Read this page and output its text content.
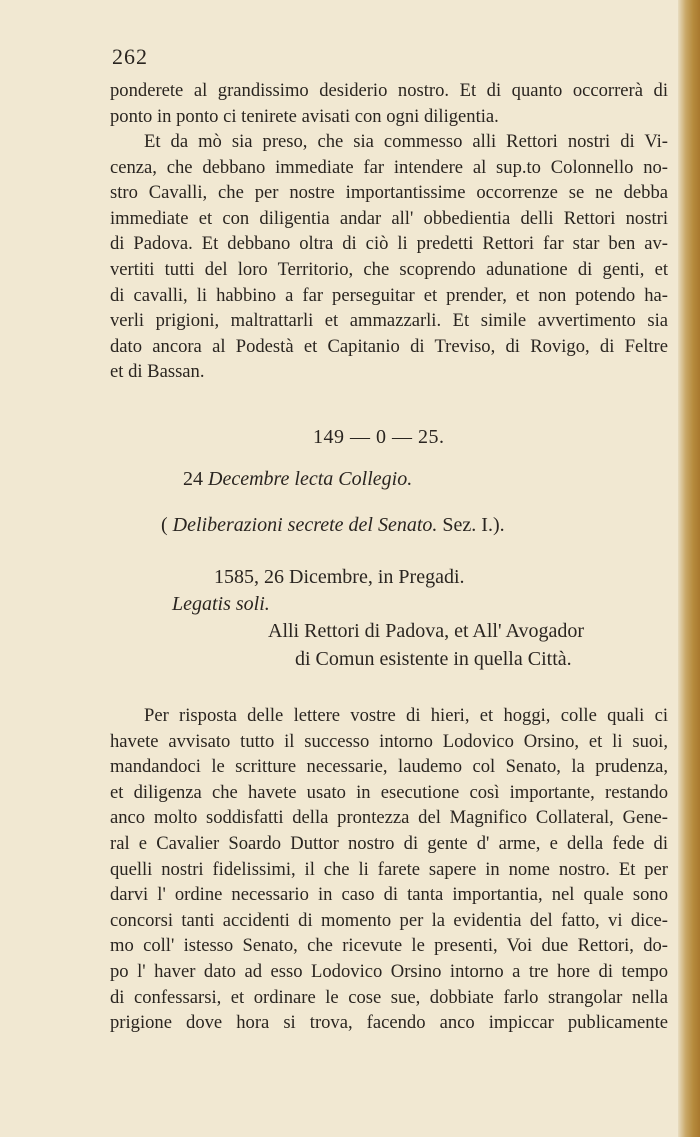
262
ponderete al grandissimo desiderio nostro. Et di quanto occorrerà di
ponto in ponto ci tenirete avisati con ogni diligentia.
Et da mò sia preso, che sia commesso alli Rettori nostri di Vi-
cenza, che debbano immediate far intendere al sup.to Colonnello no-
stro Cavalli, che per nostre importantissime occorrenze se ne debba
immediate et con diligentia andar all' obbedientia delli Rettori nostri
di Padova. Et debbano oltra di ciò li predetti Rettori far star ben av-
vertiti tutti del loro Territorio, che scoprendo adunatione di genti, et
di cavalli, li habbino a far perseguitar et prender, et non potendo ha-
verli prigioni, maltrattarli et ammazzarli. Et simile avvertimento sia
dato ancora al Podestà et Capitanio di Treviso, di Rovigo, di Feltre
et di Bassan.
149 — 0 — 25.
24 Decembre lecta Collegio.
( Deliberazioni secrete del Senato. Sez. I.).
1585, 26 Dicembre, in Pregadi.
Legatis soli.
Alli Rettori di Padova, et All' Avogador
di Comun esistente in quella Città.
Per risposta delle lettere vostre di hieri, et hoggi, colle quali ci
havete avvisato tutto il successo intorno Lodovico Orsino, et li suoi,
mandandoci le scritture necessarie, laudemo col Senato, la prudenza,
et diligenza che havete usato in esecutione così importante, restando
anco molto soddisfatti della prontezza del Magnifico Collateral, Gene-
ral e Cavalier Soardo Duttor nostro di gente d' arme, e della fede di
quelli nostri fidelissimi, il che li farete sapere in nome nostro. Et per
darvi l' ordine necessario in caso di tanta importantia, nel quale sono
concorsi tanti accidenti di momento per la evidentia del fatto, vi dice-
mo coll' istesso Senato, che ricevute le presenti, Voi due Rettori, do-
po l' haver dato ad esso Lodovico Orsino intorno a tre hore di tempo
di confessarsi, et ordinare le cose sue, dobbiate farlo strangolar nella
prigione dove hora si trova, facendo anco impiccar publicamente
